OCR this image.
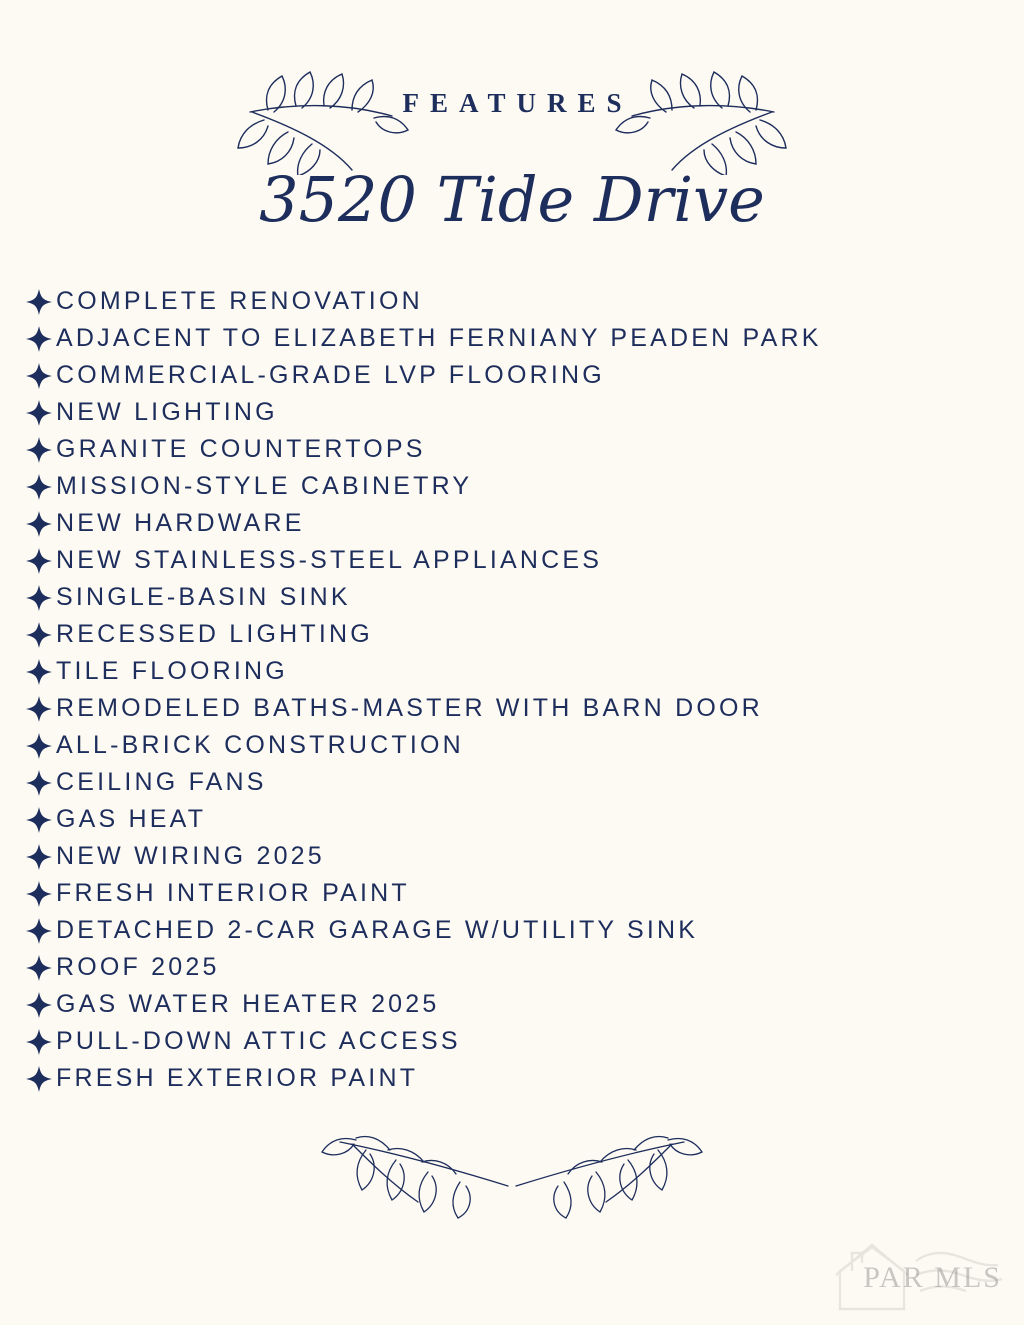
FEATURES
3520 Tide Drive
COMPLETE RENOVATION
ADJACENT TO ELIZABETH FERNIANY PEADEN PARK
COMMERCIAL-GRADE LVP FLOORING
NEW LIGHTING
GRANITE COUNTERTOPS
MISSION-STYLE CABINETRY
NEW HARDWARE
NEW STAINLESS-STEEL APPLIANCES
SINGLE-BASIN SINK
RECESSED LIGHTING
TILE FLOORING
REMODELED BATHS-MASTER WITH BARN DOOR
ALL-BRICK CONSTRUCTION
CEILING FANS
GAS HEAT
NEW WIRING 2025
FRESH INTERIOR PAINT
DETACHED 2-CAR GARAGE W/UTILITY SINK
ROOF 2025
GAS WATER HEATER 2025
PULL-DOWN ATTIC ACCESS
FRESH EXTERIOR PAINT
PAR MLS
